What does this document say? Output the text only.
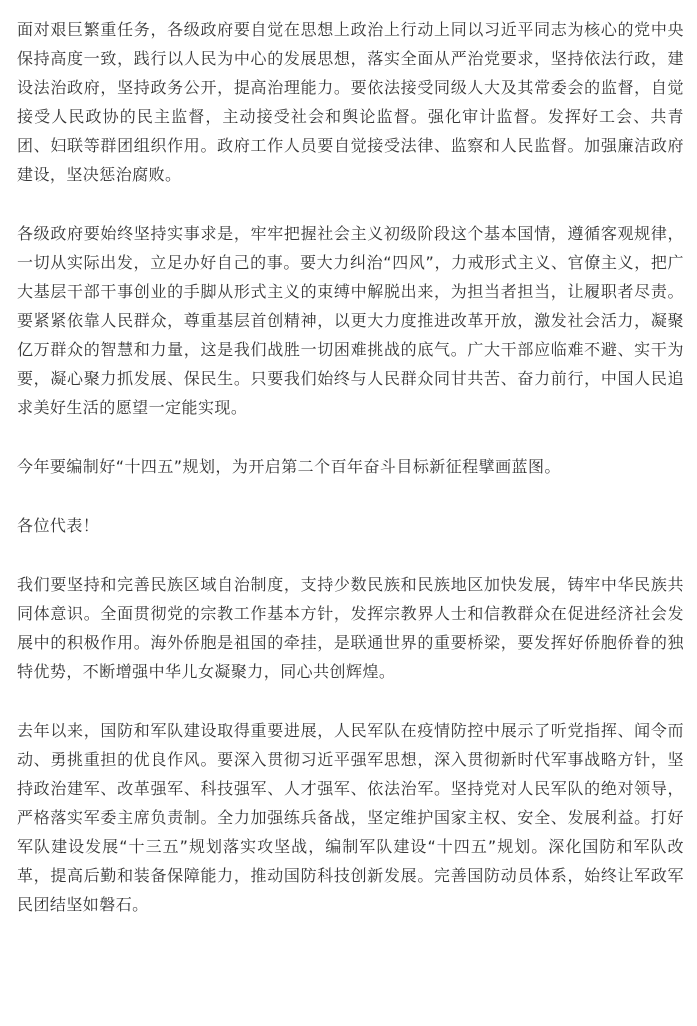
面对艰巨繁重任务，各级政府要自觉在思想上政治上行动上同以习近平同志为核心的党中央保持高度一致，践行以人民为中心的发展思想，落实全面从严治党要求，坚持依法行政，建设法治政府，坚持政务公开，提高治理能力。要依法接受同级人大及其常委会的监督，自觉接受人民政协的民主监督，主动接受社会和舆论监督。强化审计监督。发挥好工会、共青团、妇联等群团组织作用。政府工作人员要自觉接受法律、监察和人民监督。加强廉洁政府建设，坚决惩治腐败。

各级政府要始终坚持实事求是，牢牢把握社会主义初级阶段这个基本国情，遵循客观规律，一切从实际出发，立足办好自己的事。要大力纠治“四风”，力戒形式主义、官僚主义，把广大基层干部干事创业的手脚从形式主义的束缚中解脱出来，为担当者担当，让履职者尽责。要紧紧依靠人民群众，尊重基层首创精神，以更大力度推进改革开放，激发社会活力，凝聚亿万群众的智慧和力量，这是我们战胜一切困难挑战的底气。广大干部应临难不避、实干为要，凝心聚力抓发展、保民生。只要我们始终与人民群众同甘共苦、奋力前行，中国人民追求美好生活的愿望一定能实现。

今年要编制好“十四五”规划，为开启第二个百年奋斗目标新征程擘画蓝图。

各位代表！

我们要坚持和完善民族区域自治制度，支持少数民族和民族地区加快发展，铸牢中华民族共同体意识。全面贯彻党的宗教工作基本方针，发挥宗教界人士和信教群众在促进经济社会发展中的积极作用。海外侨胞是祖国的牵挂，是联通世界的重要桥梁，要发挥好侨胞侨眷的独特优势，不断增强中华儿女凝聚力，同心共创辉煌。

去年以来，国防和军队建设取得重要进展，人民军队在疫情防控中展示了听党指挥、闻令而动、勇挑重担的优良作风。要深入贯彻习近平强军思想，深入贯彻新时代军事战略方针，坚持政治建军、改革强军、科技强军、人才强军、依法治军。坚持党对人民军队的绝对领导，严格落实军委主席负责制。全力加强练兵备战，坚定维护国家主权、安全、发展利益。打好军队建设发展“十三五”规划落实攻坚战，编制军队建设“十四五”规划。深化国防和军队改革，提高后勤和装备保障能力，推动国防科技创新发展。完善国防动员体系，始终让军政军民团结坚如磐石。
